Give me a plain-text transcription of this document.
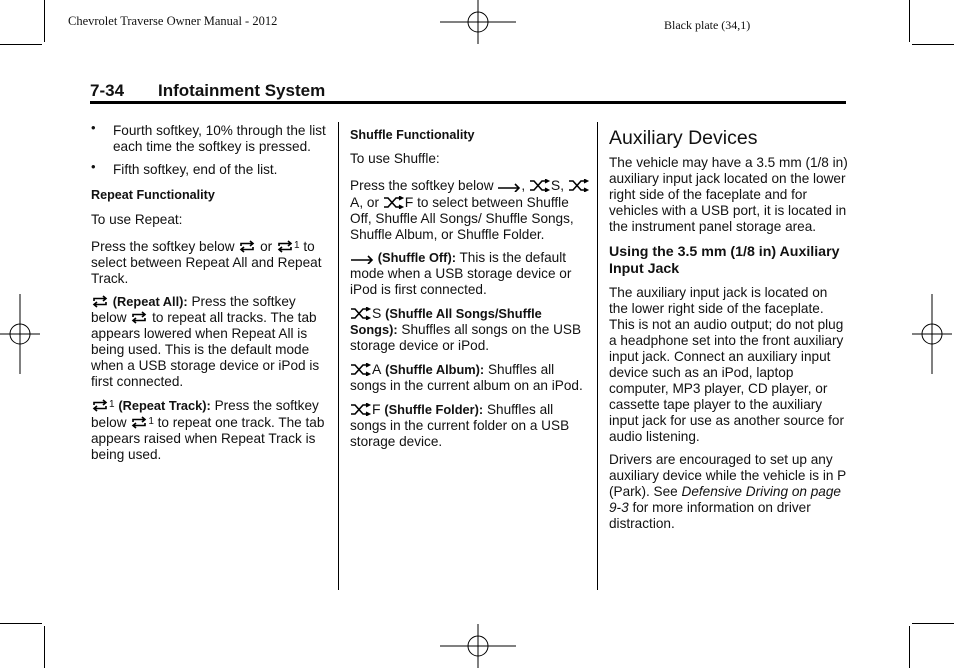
Chevrolet Traverse Owner Manual - 2012	Black plate (34,1)
7-34 Infotainment System

• Fourth softkey, 10% through the list each time the softkey is pressed.

• Fifth softkey, end of the list.

Repeat Functionality

To use Repeat:

Press the softkey below or $^1$ to select between Repeat All and Repeat Track.

(Repeat All): Press the softkey below to repeat all tracks. The tab appears lowered when Repeat All is being used. This is the default mode when a USB storage device or iPod is first connected.

$^1$ (Repeat Track): Press the softkey below $^1$ to repeat one track. The tab appears raised when Repeat Track is being used.

Shuffle Functionality

To use Shuffle:

Press the softkey below , S, A, or F to select between Shuffle Off, Shuffle All Songs/ Shuffle Songs, Shuffle Album, or Shuffle Folder.

(Shuffle Off): This is the default mode when a USB storage device or iPod is first connected.

S (Shuffle All Songs/Shuffle Songs): Shuffles all songs on the USB storage device or iPod.

A (Shuffle Album): Shuffles all songs in the current album on an iPod.

F (Shuffle Folder): Shuffles all songs in the current folder on a USB storage device.

Auxiliary Devices

The vehicle may have a 3.5 mm (1/8 in) auxiliary input jack located on the lower right side of the faceplate and for vehicles with a USB port, it is located in the instrument panel storage area.

Using the 3.5 mm (1/8 in) Auxiliary Input Jack

The auxiliary input jack is located on the lower right side of the faceplate. This is not an audio output; do not plug a headphone set into the front auxiliary input jack. Connect an auxiliary input device such as an iPod, laptop computer, MP3 player, CD player, or cassette tape player to the auxiliary input jack for use as another source for audio listening.

Drivers are encouraged to set up any auxiliary device while the vehicle is in P (Park). See Defensive Driving on page 9-3 for more information on driver distraction.
